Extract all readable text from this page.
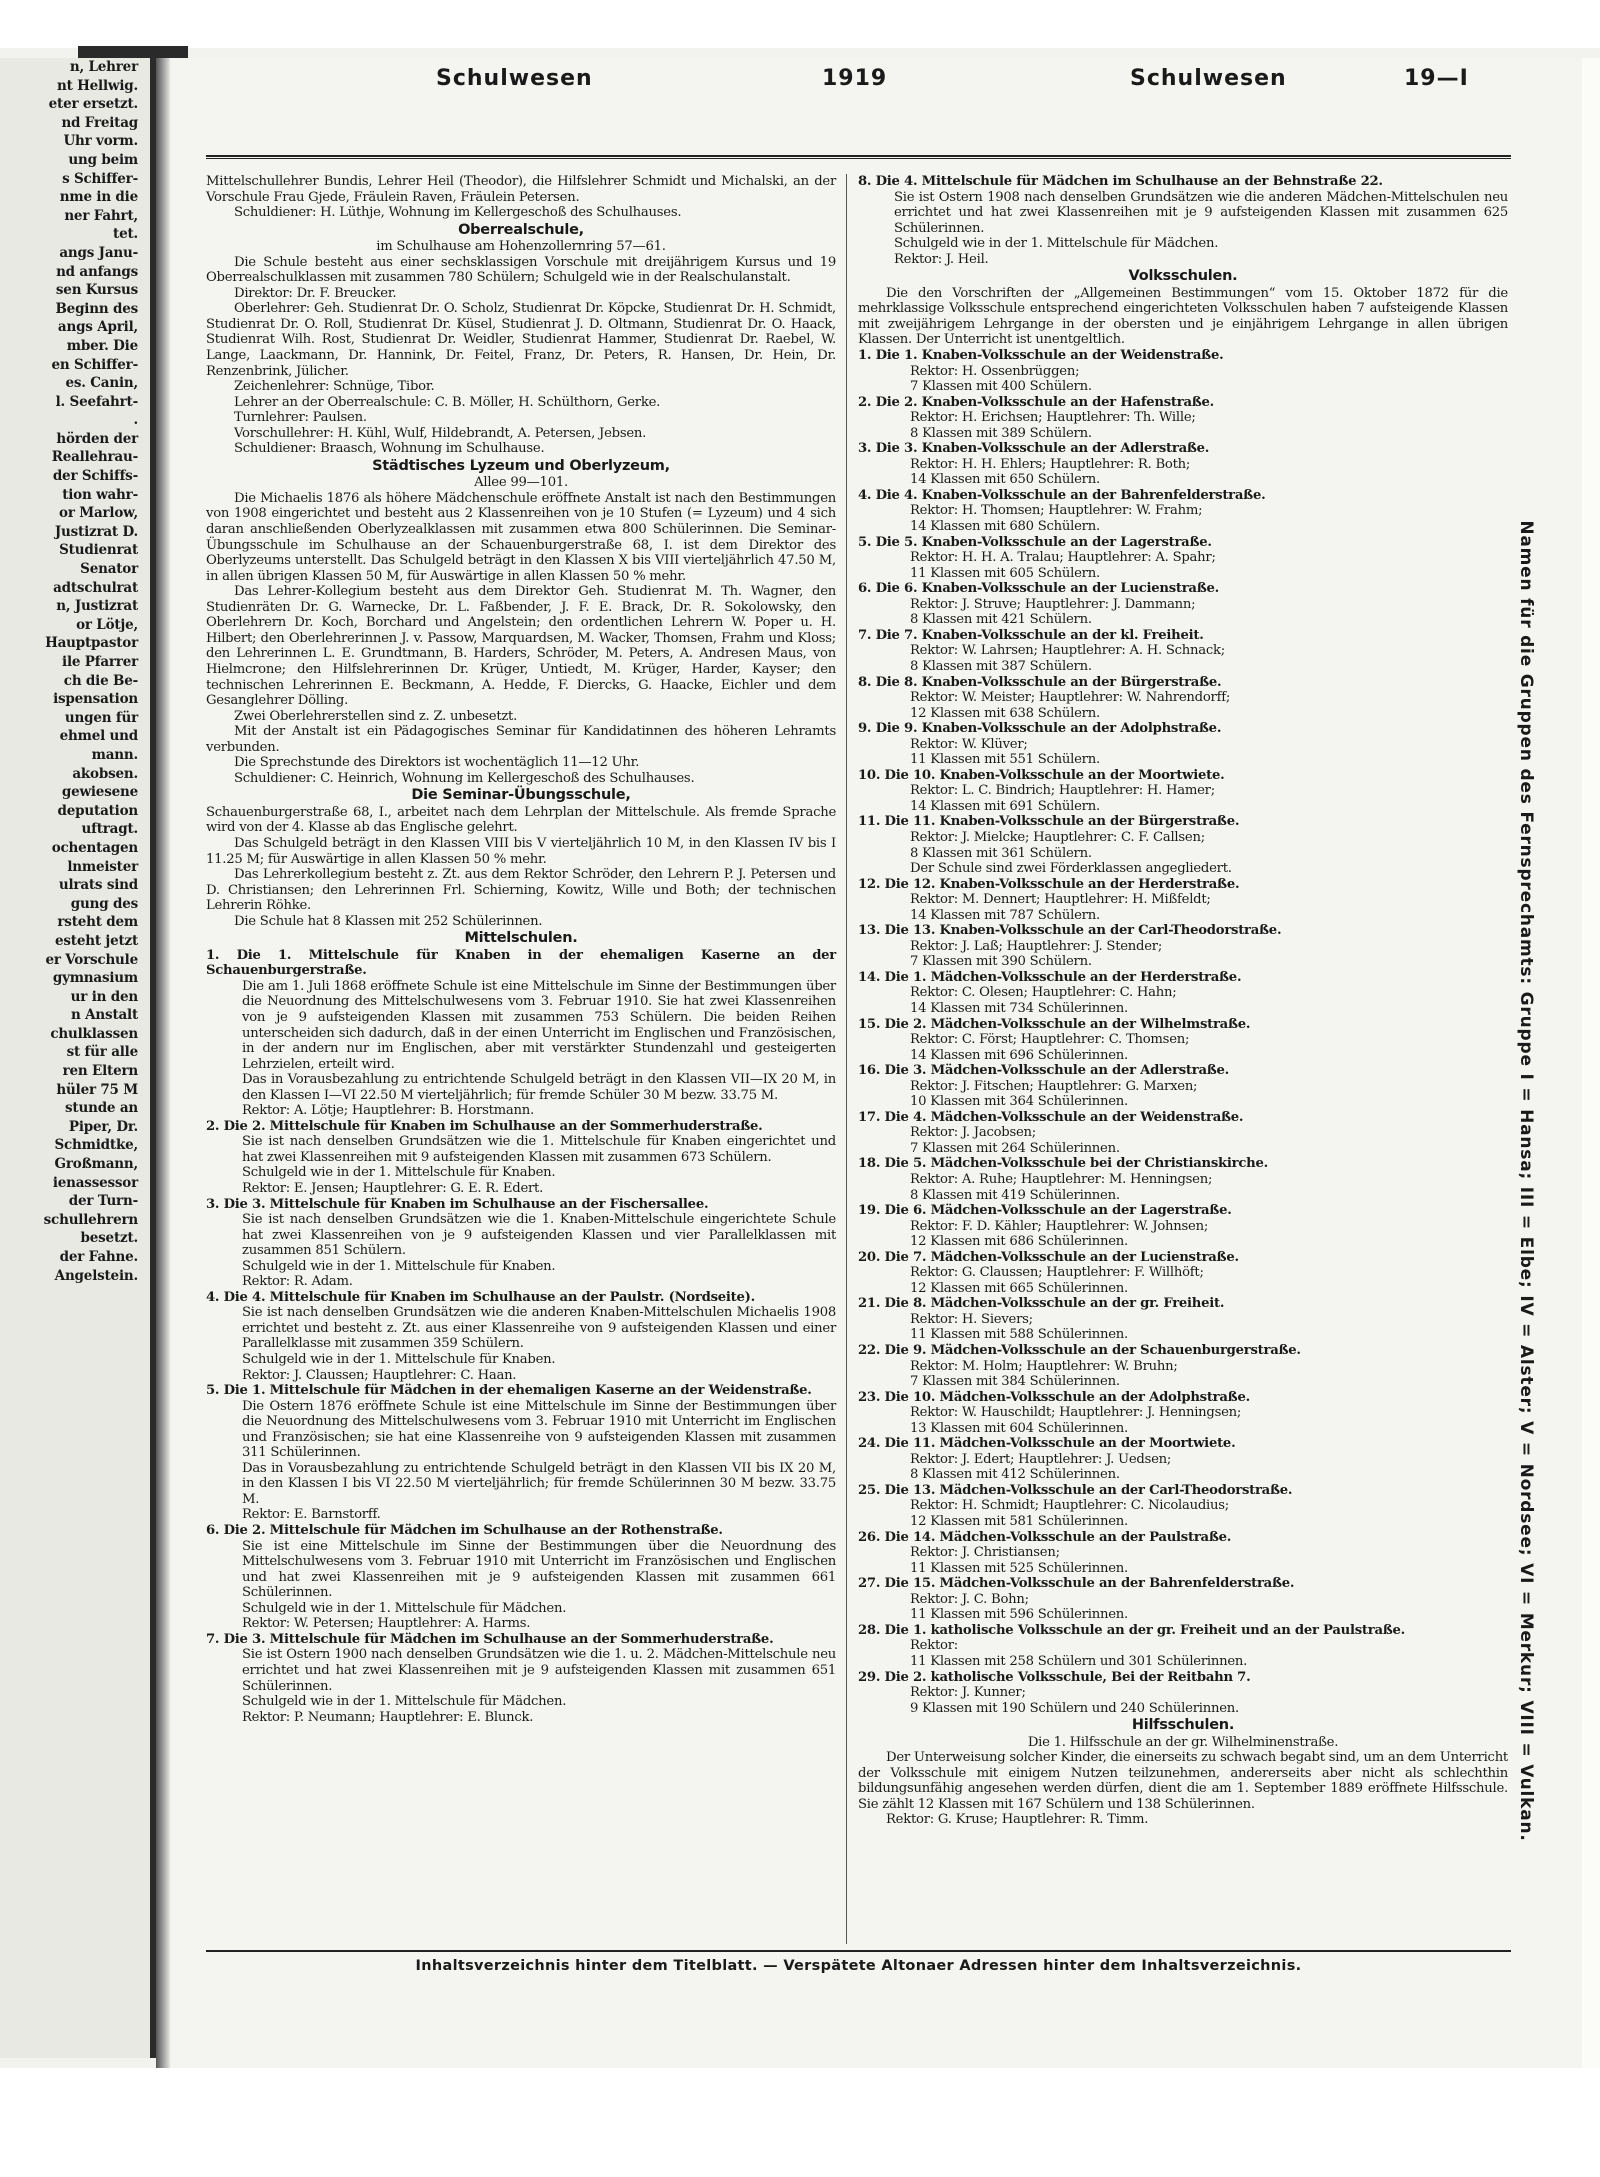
n, Lehrer
nt Hellwig.
eter ersetzt.
nd Freitag
Uhr vorm.
ung beim
s Schiffer-
nme in die
ner Fahrt,
tet.
angs Janu-
nd anfangs
sen Kursus
Beginn des
angs April,
mber. Die
en Schiffer-
es. Canin,
l. Seefahrt-
.
hörden der
Reallehrau-
der Schiffs-
tion wahr-
or Marlow,
Justizrat D.
Studienrat
Senator
adtschulrat
n, Justizrat
or Lötje,
Hauptpastor
ile Pfarrer
ch die Be-
ispensation
ungen für
ehmel und
mann.
akobsen.
gewiesene
deputation
uftragt.
ochentagen
lnmeister
ulrats sind
gung des
rsteht dem
esteht jetzt
er Vorschule
gymnasium
ur in den
n Anstalt
chulklassen
st für alle
ren Eltern
hüler 75 M
stunde an
Piper, Dr.
Schmidtke,
Großmann,
ienassessor
der Turn-
schullehrern
besetzt.
der Fahne.
Angelstein.
Schulwesen	1919	Schulwesen	19—I
Mittelschullehrer Bundis, Lehrer Heil (Theodor), die Hilfslehrer Schmidt und Michalski, an der Vorschule Frau Gjede, Fräulein Raven, Fräulein Petersen.
Schuldiener: H. Lüthje, Wohnung im Kellergeschoß des Schulhauses.
Oberrealschule,
im Schulhause am Hohenzollernring 57—61.
Die Schule besteht aus einer sechsklassigen Vorschule mit dreijährigem Kursus und 19 Oberrealschulklassen mit zusammen 780 Schülern; Schulgeld wie in der Realschulanstalt.
Direktor: Dr. F. Breucker.
Oberlehrer: Geh. Studienrat Dr. O. Scholz, Studienrat Dr. Köpcke, Studienrat Dr. H. Schmidt, Studienrat Dr. O. Roll, Studienrat Dr. Küsel, Studienrat J. D. Oltmann, Studienrat Dr. O. Haack, Studienrat Wilh. Rost, Studienrat Dr. Weidler, Studienrat Hammer, Studienrat Dr. Raebel, W. Lange, Laackmann, Dr. Hannink, Dr. Feitel, Franz, Dr. Peters, R. Hansen, Dr. Hein, Dr. Renzenbrink, Jülicher.
Zeichenlehrer: Schnüge, Tibor.
Lehrer an der Oberrealschule: C. B. Möller, H. Schülthorn, Gerke.
Turnlehrer: Paulsen.
Vorschullehrer: H. Kühl, Wulf, Hildebrandt, A. Petersen, Jebsen.
Schuldiener: Braasch, Wohnung im Schulhause.
Städtisches Lyzeum und Oberlyzeum,
Allee 99—101.
Die Michaelis 1876 als höhere Mädchenschule eröffnete Anstalt ist nach den Bestimmungen von 1908 eingerichtet und besteht aus 2 Klassenreihen von je 10 Stufen (= Lyzeum) und 4 sich daran anschließenden Oberlyzealklassen mit zusammen etwa 800 Schülerinnen. Die Seminar-Übungsschule im Schulhause an der Schauenburgerstraße 68, I. ist dem Direktor des Oberlyzeums unterstellt. Das Schulgeld beträgt in den Klassen X bis VIII vierteljährlich 47.50 M, in allen übrigen Klassen 50 M, für Auswärtige in allen Klassen 50 % mehr.
Das Lehrer-Kollegium besteht aus dem Direktor Geh. Studienrat M. Th. Wagner, den Studienräten Dr. G. Warnecke, Dr. L. Faßbender, J. F. E. Brack, Dr. R. Sokolowsky, den Oberlehrern Dr. Koch, Borchard und Angelstein; den ordentlichen Lehrern W. Poper u. H. Hilbert; den Oberlehrerinnen J. v. Passow, Marquardsen, M. Wacker, Thomsen, Frahm und Kloss; den Lehrerinnen L. E. Grundtmann, B. Harders, Schröder, M. Peters, A. Andresen Maus, von Hielmcrone; den Hilfslehrerinnen Dr. Krüger, Untiedt, M. Krüger, Harder, Kayser; den technischen Lehrerinnen E. Beckmann, A. Hedde, F. Diercks, G. Haacke, Eichler und dem Gesanglehrer Dölling.
Zwei Oberlehrerstellen sind z. Z. unbesetzt.
Mit der Anstalt ist ein Pädagogisches Seminar für Kandidatinnen des höheren Lehramts verbunden.
Die Sprechstunde des Direktors ist wochentäglich 11—12 Uhr.
Schuldiener: C. Heinrich, Wohnung im Kellergeschoß des Schulhauses.
Die Seminar-Übungsschule,
Schauenburgerstraße 68, I., arbeitet nach dem Lehrplan der Mittelschule. Als fremde Sprache wird von der 4. Klasse ab das Englische gelehrt.
Das Schulgeld beträgt in den Klassen VIII bis V vierteljährlich 10 M, in den Klassen IV bis I 11.25 M; für Auswärtige in allen Klassen 50 % mehr.
Das Lehrerkollegium besteht z. Zt. aus dem Rektor Schröder, den Lehrern P. J. Petersen und D. Christiansen; den Lehrerinnen Frl. Schierning, Kowitz, Wille und Both; der technischen Lehrerin Röhke.
Die Schule hat 8 Klassen mit 252 Schülerinnen.
Mittelschulen.
1. Die 1. Mittelschule für Knaben in der ehemaligen Kaserne an der Schauenburgerstraße.
Die am 1. Juli 1868 eröffnete Schule ist eine Mittelschule im Sinne der Bestimmungen über die Neuordnung des Mittelschulwesens vom 3. Februar 1910. Sie hat zwei Klassenreihen von je 9 aufsteigenden Klassen mit zusammen 753 Schülern. Die beiden Reihen unterscheiden sich dadurch, daß in der einen Unterricht im Englischen und Französischen, in der andern nur im Englischen, aber mit verstärkter Stundenzahl und gesteigerten Lehrzielen, erteilt wird.
Das in Vorausbezahlung zu entrichtende Schulgeld beträgt in den Klassen VII—IX 20 M, in den Klassen I—VI 22.50 M vierteljährlich; für fremde Schüler 30 M bezw. 33.75 M.
Rektor: A. Lötje; Hauptlehrer: B. Horstmann.
2. Die 2. Mittelschule für Knaben im Schulhause an der Sommerhuderstraße.
Sie ist nach denselben Grundsätzen wie die 1. Mittelschule für Knaben eingerichtet und hat zwei Klassenreihen mit 9 aufsteigenden Klassen mit zusammen 673 Schülern.
Schulgeld wie in der 1. Mittelschule für Knaben.
Rektor: E. Jensen; Hauptlehrer: G. E. R. Edert.
3. Die 3. Mittelschule für Knaben im Schulhause an der Fischersallee.
Sie ist nach denselben Grundsätzen wie die 1. Knaben-Mittelschule eingerichtete Schule hat zwei Klassenreihen von je 9 aufsteigenden Klassen und vier Parallelklassen mit zusammen 851 Schülern.
Schulgeld wie in der 1. Mittelschule für Knaben.
Rektor: R. Adam.
4. Die 4. Mittelschule für Knaben im Schulhause an der Paulstr. (Nordseite).
Sie ist nach denselben Grundsätzen wie die anderen Knaben-Mittelschulen Michaelis 1908 errichtet und besteht z. Zt. aus einer Klassenreihe von 9 aufsteigenden Klassen und einer Parallelklasse mit zusammen 359 Schülern.
Schulgeld wie in der 1. Mittelschule für Knaben.
Rektor: J. Claussen; Hauptlehrer: C. Haan.
5. Die 1. Mittelschule für Mädchen in der ehemaligen Kaserne an der Weidenstraße.
Die Ostern 1876 eröffnete Schule ist eine Mittelschule im Sinne der Bestimmungen über die Neuordnung des Mittelschulwesens vom 3. Februar 1910 mit Unterricht im Englischen und Französischen; sie hat eine Klassenreihe von 9 aufsteigenden Klassen mit zusammen 311 Schülerinnen.
Das in Vorausbezahlung zu entrichtende Schulgeld beträgt in den Klassen VII bis IX 20 M, in den Klassen I bis VI 22.50 M vierteljährlich; für fremde Schülerinnen 30 M bezw. 33.75 M.
Rektor: E. Barnstorff.
6. Die 2. Mittelschule für Mädchen im Schulhause an der Rothenstraße.
Sie ist eine Mittelschule im Sinne der Bestimmungen über die Neuordnung des Mittelschulwesens vom 3. Februar 1910 mit Unterricht im Französischen und Englischen und hat zwei Klassenreihen mit je 9 aufsteigenden Klassen mit zusammen 661 Schülerinnen.
Schulgeld wie in der 1. Mittelschule für Mädchen.
Rektor: W. Petersen; Hauptlehrer: A. Harms.
7. Die 3. Mittelschule für Mädchen im Schulhause an der Sommerhuderstraße.
Sie ist Ostern 1900 nach denselben Grundsätzen wie die 1. u. 2. Mädchen-Mittelschule neu errichtet und hat zwei Klassenreihen mit je 9 aufsteigenden Klassen mit zusammen 651 Schülerinnen.
Schulgeld wie in der 1. Mittelschule für Mädchen.
Rektor: P. Neumann; Hauptlehrer: E. Blunck.
8. Die 4. Mittelschule für Mädchen im Schulhause an der Behnstraße 22.
Sie ist Ostern 1908 nach denselben Grundsätzen wie die anderen Mädchen-Mittelschulen neu errichtet und hat zwei Klassenreihen mit je 9 aufsteigenden Klassen mit zusammen 625 Schülerinnen.
Schulgeld wie in der 1. Mittelschule für Mädchen.
Rektor: J. Heil.
Volksschulen.
Die den Vorschriften der „Allgemeinen Bestimmungen“ vom 15. Oktober 1872 für die mehrklassige Volksschule entsprechend eingerichteten Volksschulen haben 7 aufsteigende Klassen mit zweijährigem Lehrgange in der obersten und je einjährigem Lehrgange in allen übrigen Klassen. Der Unterricht ist unentgeltlich.
1. Die 1. Knaben-Volksschule an der Weidenstraße.
Rektor: H. Ossenbrüggen;
7 Klassen mit 400 Schülern.
2. Die 2. Knaben-Volksschule an der Hafenstraße.
Rektor: H. Erichsen; Hauptlehrer: Th. Wille;
8 Klassen mit 389 Schülern.
3. Die 3. Knaben-Volksschule an der Adlerstraße.
Rektor: H. H. Ehlers; Hauptlehrer: R. Both;
14 Klassen mit 650 Schülern.
4. Die 4. Knaben-Volksschule an der Bahrenfelderstraße.
Rektor: H. Thomsen; Hauptlehrer: W. Frahm;
14 Klassen mit 680 Schülern.
5. Die 5. Knaben-Volksschule an der Lagerstraße.
Rektor: H. H. A. Tralau; Hauptlehrer: A. Spahr;
11 Klassen mit 605 Schülern.
6. Die 6. Knaben-Volksschule an der Lucienstraße.
Rektor: J. Struve; Hauptlehrer: J. Dammann;
8 Klassen mit 421 Schülern.
7. Die 7. Knaben-Volksschule an der kl. Freiheit.
Rektor: W. Lahrsen; Hauptlehrer: A. H. Schnack;
8 Klassen mit 387 Schülern.
8. Die 8. Knaben-Volksschule an der Bürgerstraße.
Rektor: W. Meister; Hauptlehrer: W. Nahrendorff;
12 Klassen mit 638 Schülern.
9. Die 9. Knaben-Volksschule an der Adolphstraße.
Rektor: W. Klüver;
11 Klassen mit 551 Schülern.
10. Die 10. Knaben-Volksschule an der Moortwiete.
Rektor: L. C. Bindrich; Hauptlehrer: H. Hamer;
14 Klassen mit 691 Schülern.
11. Die 11. Knaben-Volksschule an der Bürgerstraße.
Rektor: J. Mielcke; Hauptlehrer: C. F. Callsen;
8 Klassen mit 361 Schülern.
Der Schule sind zwei Förderklassen angegliedert.
12. Die 12. Knaben-Volksschule an der Herderstraße.
Rektor: M. Dennert; Hauptlehrer: H. Mißfeldt;
14 Klassen mit 787 Schülern.
13. Die 13. Knaben-Volksschule an der Carl-Theodorstraße.
Rektor: J. Laß; Hauptlehrer: J. Stender;
7 Klassen mit 390 Schülern.
14. Die 1. Mädchen-Volksschule an der Herderstraße.
Rektor: C. Olesen; Hauptlehrer: C. Hahn;
14 Klassen mit 734 Schülerinnen.
15. Die 2. Mädchen-Volksschule an der Wilhelmstraße.
Rektor: C. Först; Hauptlehrer: C. Thomsen;
14 Klassen mit 696 Schülerinnen.
16. Die 3. Mädchen-Volksschule an der Adlerstraße.
Rektor: J. Fitschen; Hauptlehrer: G. Marxen;
10 Klassen mit 364 Schülerinnen.
17. Die 4. Mädchen-Volksschule an der Weidenstraße.
Rektor: J. Jacobsen;
7 Klassen mit 264 Schülerinnen.
18. Die 5. Mädchen-Volksschule bei der Christianskirche.
Rektor: A. Ruhe; Hauptlehrer: M. Henningsen;
8 Klassen mit 419 Schülerinnen.
19. Die 6. Mädchen-Volksschule an der Lagerstraße.
Rektor: F. D. Kähler; Hauptlehrer: W. Johnsen;
12 Klassen mit 686 Schülerinnen.
20. Die 7. Mädchen-Volksschule an der Lucienstraße.
Rektor: G. Claussen; Hauptlehrer: F. Willhöft;
12 Klassen mit 665 Schülerinnen.
21. Die 8. Mädchen-Volksschule an der gr. Freiheit.
Rektor: H. Sievers;
11 Klassen mit 588 Schülerinnen.
22. Die 9. Mädchen-Volksschule an der Schauenburgerstraße.
Rektor: M. Holm; Hauptlehrer: W. Bruhn;
7 Klassen mit 384 Schülerinnen.
23. Die 10. Mädchen-Volksschule an der Adolphstraße.
Rektor: W. Hauschildt; Hauptlehrer: J. Henningsen;
13 Klassen mit 604 Schülerinnen.
24. Die 11. Mädchen-Volksschule an der Moortwiete.
Rektor: J. Edert; Hauptlehrer: J. Uedsen;
8 Klassen mit 412 Schülerinnen.
25. Die 13. Mädchen-Volksschule an der Carl-Theodorstraße.
Rektor: H. Schmidt; Hauptlehrer: C. Nicolaudius;
12 Klassen mit 581 Schülerinnen.
26. Die 14. Mädchen-Volksschule an der Paulstraße.
Rektor: J. Christiansen;
11 Klassen mit 525 Schülerinnen.
27. Die 15. Mädchen-Volksschule an der Bahrenfelderstraße.
Rektor: J. C. Bohn;
11 Klassen mit 596 Schülerinnen.
28. Die 1. katholische Volksschule an der gr. Freiheit und an der Paulstraße.
Rektor:
11 Klassen mit 258 Schülern und 301 Schülerinnen.
29. Die 2. katholische Volksschule, Bei der Reitbahn 7.
Rektor: J. Kunner;
9 Klassen mit 190 Schülern und 240 Schülerinnen.
Hilfsschulen.
Die 1. Hilfsschule an der gr. Wilhelminenstraße.
Der Unterweisung solcher Kinder, die einerseits zu schwach begabt sind, um an dem Unterricht der Volksschule mit einigem Nutzen teilzunehmen, andererseits aber nicht als schlechthin bildungsunfähig angesehen werden dürfen, dient die am 1. September 1889 eröffnete Hilfsschule. Sie zählt 12 Klassen mit 167 Schülern und 138 Schülerinnen.
Rektor: G. Kruse; Hauptlehrer: R. Timm.	Namen für die Gruppen des Fernsprechamts: Gruppe I = Hansa; III = Elbe; IV = Alster; V = Nordsee; VI = Merkur; VIII = Vulkan.
Inhaltsverzeichnis hinter dem Titelblatt. — Verspätete Altonaer Adressen hinter dem Inhaltsverzeichnis.
